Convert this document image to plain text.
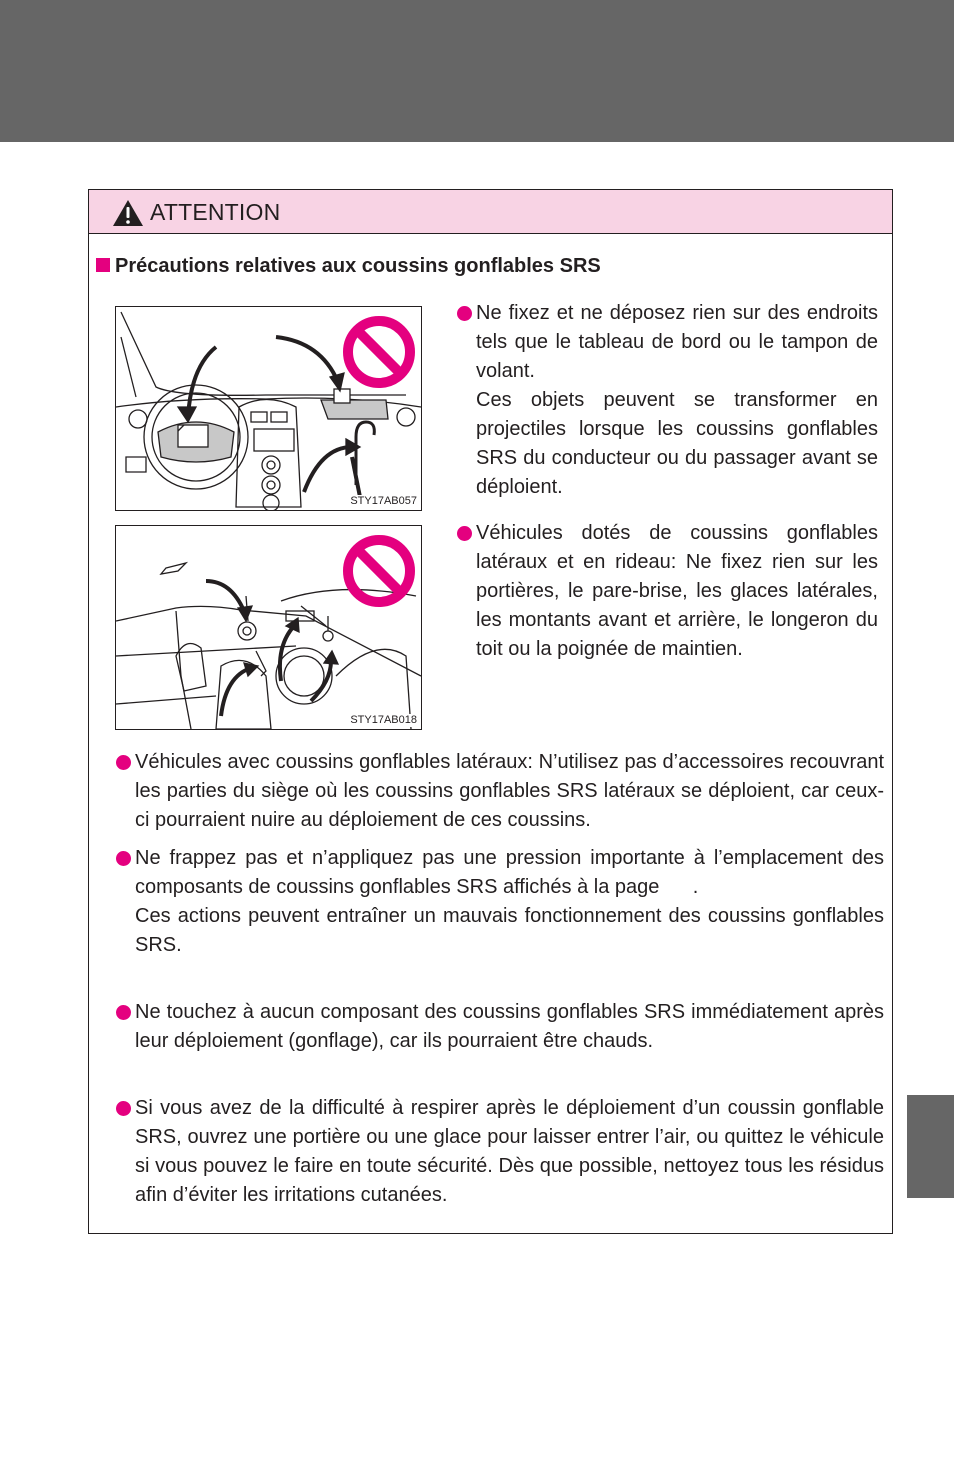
ATTENTION
Précautions relatives aux coussins gonflables SRS
STY17AB057
STY17AB018

Ne fixez et ne déposez rien sur des endroits tels que le tableau de bord ou le tampon de volant.

Ces objets peuvent se transformer en projectiles lorsque les coussins gonflables SRS du conducteur ou du passager avant se déploient.

Véhicules dotés de coussins gonflables latéraux et en rideau: Ne fixez rien sur les portières, le pare-brise, les glaces latérales, les montants avant et arrière, le longeron du toit ou la poignée de maintien.

Véhicules avec coussins gonflables latéraux: N’utilisez pas d’accessoires recouvrant les parties du siège où les coussins gonflables SRS latéraux se déploient, car ceux-ci pourraient nuire au déploiement de ces coussins.

Ne frappez pas et n’appliquez pas une pression importante à l’emplacement des composants de coussins gonflables SRS affichés à la page      .

Ces actions peuvent entraîner un mauvais fonctionnement des coussins gonflables SRS.

Ne touchez à aucun composant des coussins gonflables SRS immédiatement après leur déploiement (gonflage), car ils pourraient être chauds.

Si vous avez de la difficulté à respirer après le déploiement d’un coussin gonflable SRS, ouvrez une portière ou une glace pour laisser entrer l’air, ou quittez le véhicule si vous pouvez le faire en toute sécurité. Dès que possible, nettoyez tous les résidus afin d’éviter les irritations cutanées.
